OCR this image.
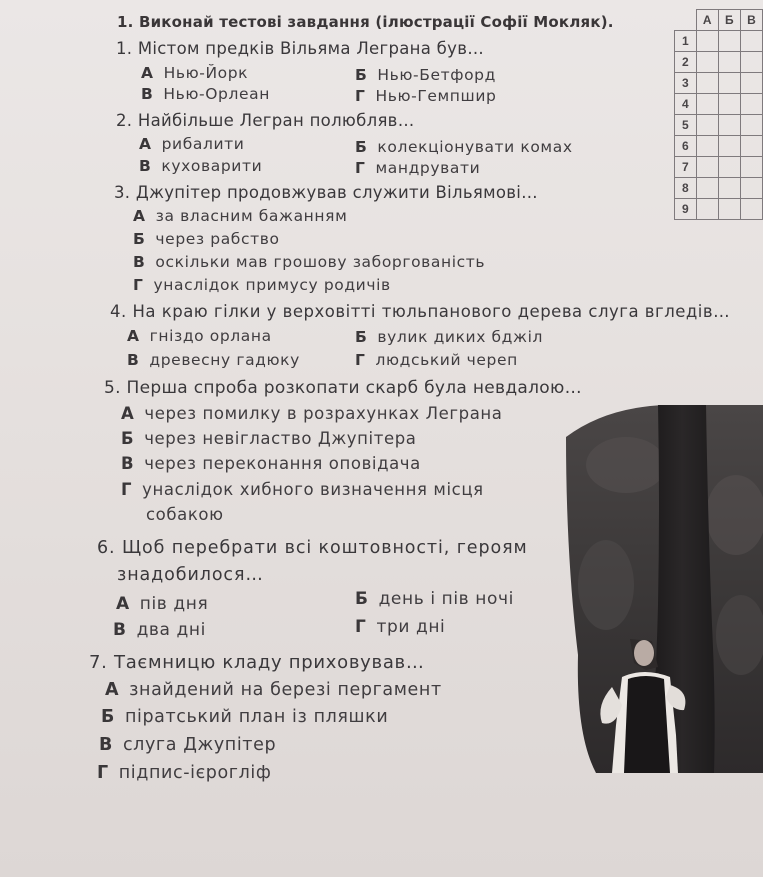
1. Виконай тестові завдання (ілюстрації Софії Мокляк).
		А	Б	В
1			
2			
3			
4			
5			
6			
7			
8			
9			
1. Містом предків Вільяма Леграна був…
А Нью-Йорк	Б Нью-Бетфорд
В Нью-Орлеан	Г Нью-Гемпшир
2. Найбільше Легран полюбляв…
А рибалити	Б колекціонувати комах
В куховарити	Г мандрувати
3. Джупітер продовжував служити Вільямові…
А за власним бажанням
Б через рабство
В оскільки мав грошову заборгованість
Г унаслідок примусу родичів
4. На краю гілки у верховітті тюльпанового дерева слуга вгледів…
А гніздо орлана	Б вулик диких бджіл
В древесну гадюку	Г людський череп
5. Перша спроба розкопати скарб була невдалою…
А через помилку в розрахунках Леграна
Б через невігластво Джупітера
В через переконання оповідача
Г унаслідок хибного визначення місця
собакою
6. Щоб перебрати всі коштовності, героям
знадобилося…
А пів дня	Б день і пів ночі
В два дні	Г три дні
7. Таємницю кладу приховував…
А знайдений на березі пергамент
Б піратський план із пляшки
В слуга Джупітер
Г підпис-ієрогліф
